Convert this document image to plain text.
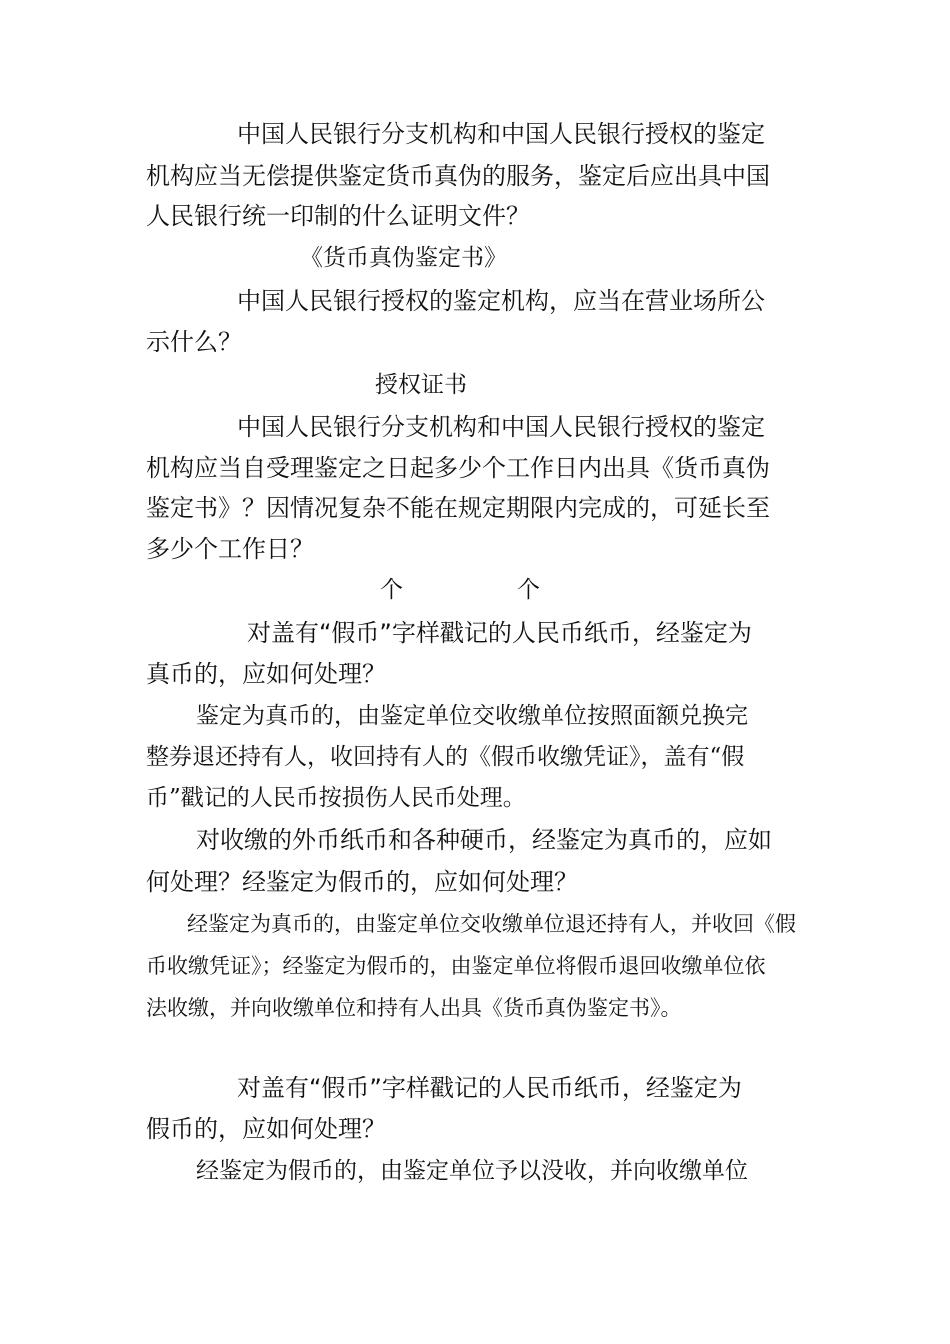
中国人民银行分支机构和中国人民银行授权的鉴定
机构应当无偿提供鉴定货币真伪的服务，鉴定后应出具中国
人民银行统一印制的什么证明文件？
《货币真伪鉴定书》
中国人民银行授权的鉴定机构，应当在营业场所公
示什么？
授权证书
中国人民银行分支机构和中国人民银行授权的鉴定
机构应当自受理鉴定之日起多少个工作日内出具《货币真伪
鉴定书》？因情况复杂不能在规定期限内完成的，可延长至
多少个工作日？
个	个
对盖有“假币”字样戳记的人民币纸币，经鉴定为
真币的，应如何处理？
鉴定为真币的，由鉴定单位交收缴单位按照面额兑换完
整券退还持有人，收回持有人的《假币收缴凭证》，盖有“假
币”戳记的人民币按损伤人民币处理。
对收缴的外币纸币和各种硬币，经鉴定为真币的，应如
何处理？经鉴定为假币的，应如何处理？
经鉴定为真币的，由鉴定单位交收缴单位退还持有人，并收回《假
币收缴凭证》；经鉴定为假币的，由鉴定单位将假币退回收缴单位依
法收缴，并向收缴单位和持有人出具《货币真伪鉴定书》。
对盖有“假币”字样戳记的人民币纸币，经鉴定为
假币的，应如何处理？
经鉴定为假币的，由鉴定单位予以没收，并向收缴单位
